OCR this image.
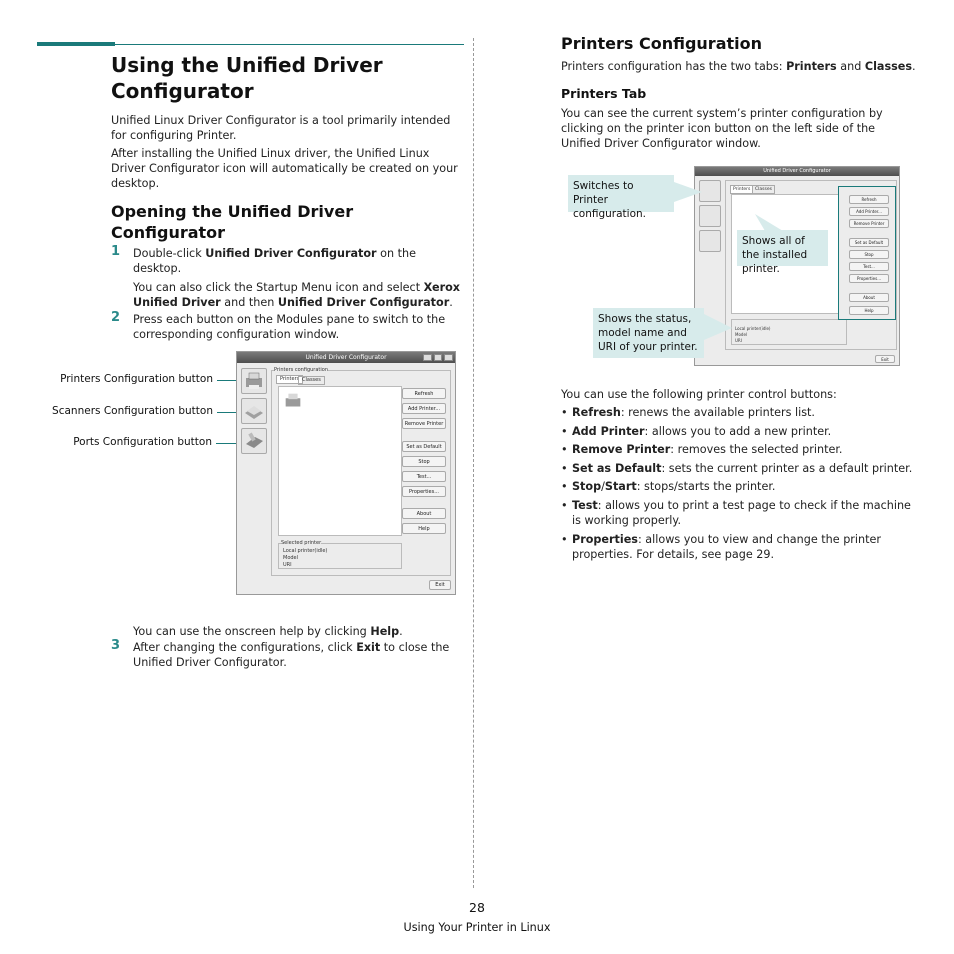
Using the Unified Driver
Configurator
Unified Linux Driver Configurator is a tool primarily intended for configuring Printer.
After installing the Unified Linux driver, the Unified Linux Driver Configurator icon will automatically be created on your desktop.
Opening the Unified Driver
Configurator
1 Double-click Unified Driver Configurator on the desktop.
You can also click the Startup Menu icon and select Xerox Unified Driver and then Unified Driver Configurator.
2 Press each button on the Modules pane to switch to the corresponding configuration window.
Printers Configuration button
Scanners Configuration button
Ports Configuration button
Unified Driver Configurator
Printers configuration
Printers Classes
Refresh
Add Printer...
Remove Printer
Set as Default
Stop
Test...
Properties...
About
Help
Selected printer
Local printer(idle)
Model
URI
Exit
You can use the onscreen help by clicking Help.
3 After changing the configurations, click Exit to close the Unified Driver Configurator.
Printers Configuration
Printers configuration has the two tabs: Printers and Classes.
Printers Tab
You can see the current system’s printer configuration by clicking on the printer icon button on the left side of the Unified Driver Configurator window.
Unified Driver Configurator
Printers	Classes
Local printer(idle)
Model
URI
Refresh
Add Printer...
Remove Printer
Set as Default
Stop
Test...
Properties...
About
Help
Exit
Switches to Printer configuration.
Shows all of the installed printer.
Shows the status, model name and URI of your printer.
You can use the following printer control buttons:
• Refresh: renews the available printers list.
• Add Printer: allows you to add a new printer.
• Remove Printer: removes the selected printer.
• Set as Default: sets the current printer as a default printer.
• Stop/Start: stops/starts the printer.
• Test: allows you to print a test page to check if the machine is working properly.
• Properties: allows you to view and change the printer properties. For details, see page 29.
28
Using Your Printer in Linux
